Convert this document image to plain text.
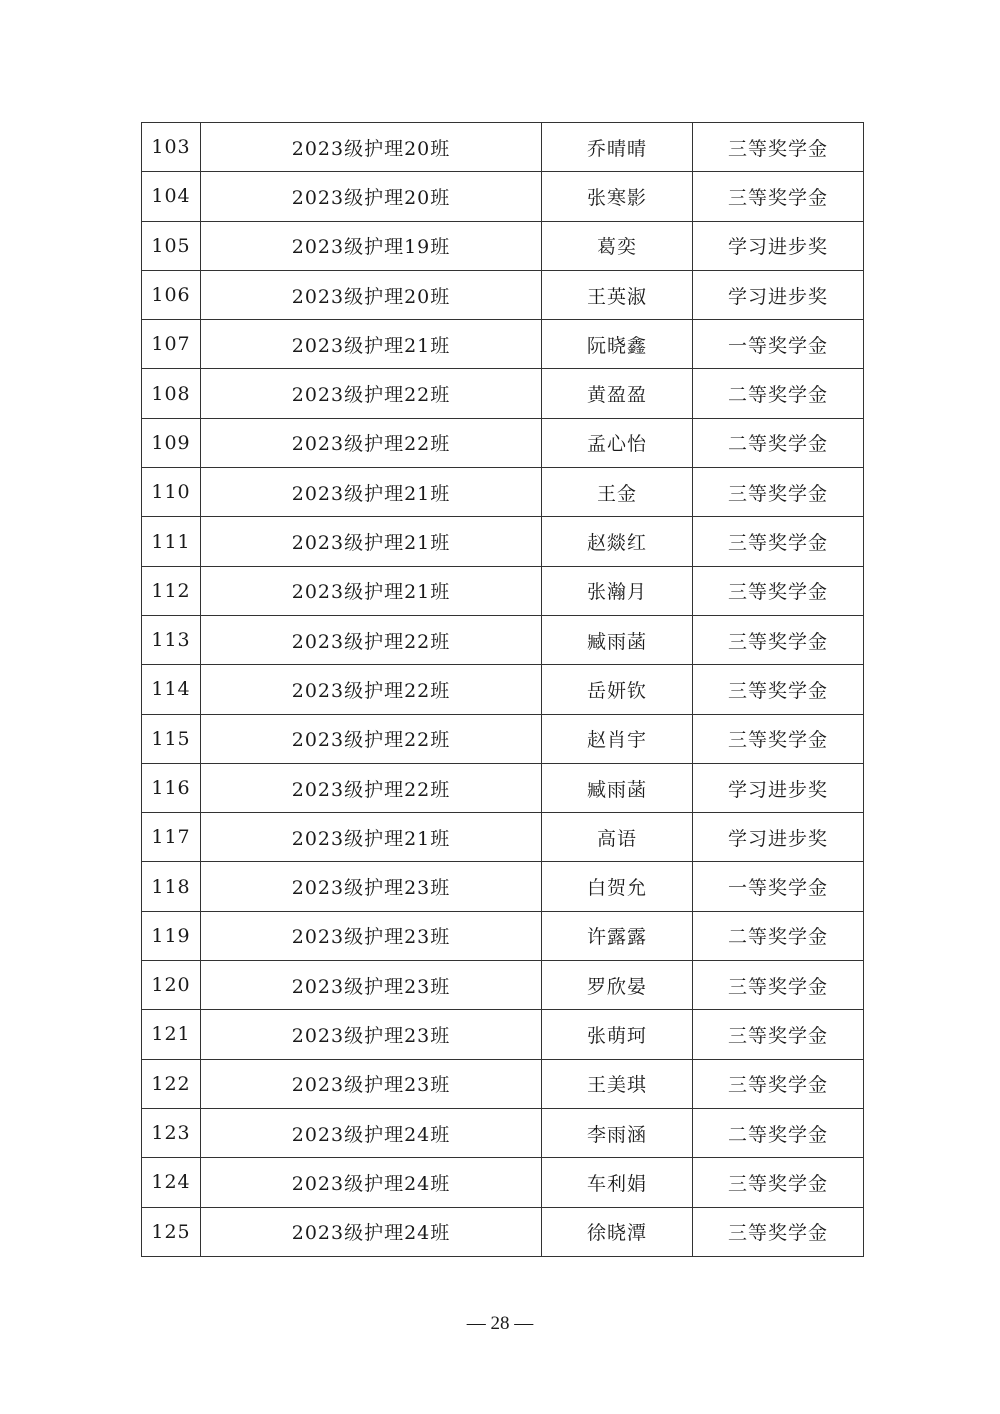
103	2023级护理20班	乔晴晴	三等奖学金
104	2023级护理20班	张寒影	三等奖学金
105	2023级护理19班	葛奕	学习进步奖
106	2023级护理20班	王英淑	学习进步奖
107	2023级护理21班	阮晓鑫	一等奖学金
108	2023级护理22班	黄盈盈	二等奖学金
109	2023级护理22班	孟心怡	二等奖学金
110	2023级护理21班	王金	三等奖学金
111	2023级护理21班	赵燚红	三等奖学金
112	2023级护理21班	张瀚月	三等奖学金
113	2023级护理22班	臧雨菡	三等奖学金
114	2023级护理22班	岳妍钦	三等奖学金
115	2023级护理22班	赵肖宇	三等奖学金
116	2023级护理22班	臧雨菡	学习进步奖
117	2023级护理21班	高语	学习进步奖
118	2023级护理23班	白贺允	一等奖学金
119	2023级护理23班	许露露	二等奖学金
120	2023级护理23班	罗欣晏	三等奖学金
121	2023级护理23班	张萌珂	三等奖学金
122	2023级护理23班	王美琪	三等奖学金
123	2023级护理24班	李雨涵	二等奖学金
124	2023级护理24班	车利娟	三等奖学金
125	2023级护理24班	徐晓潭	三等奖学金
— 28 —
